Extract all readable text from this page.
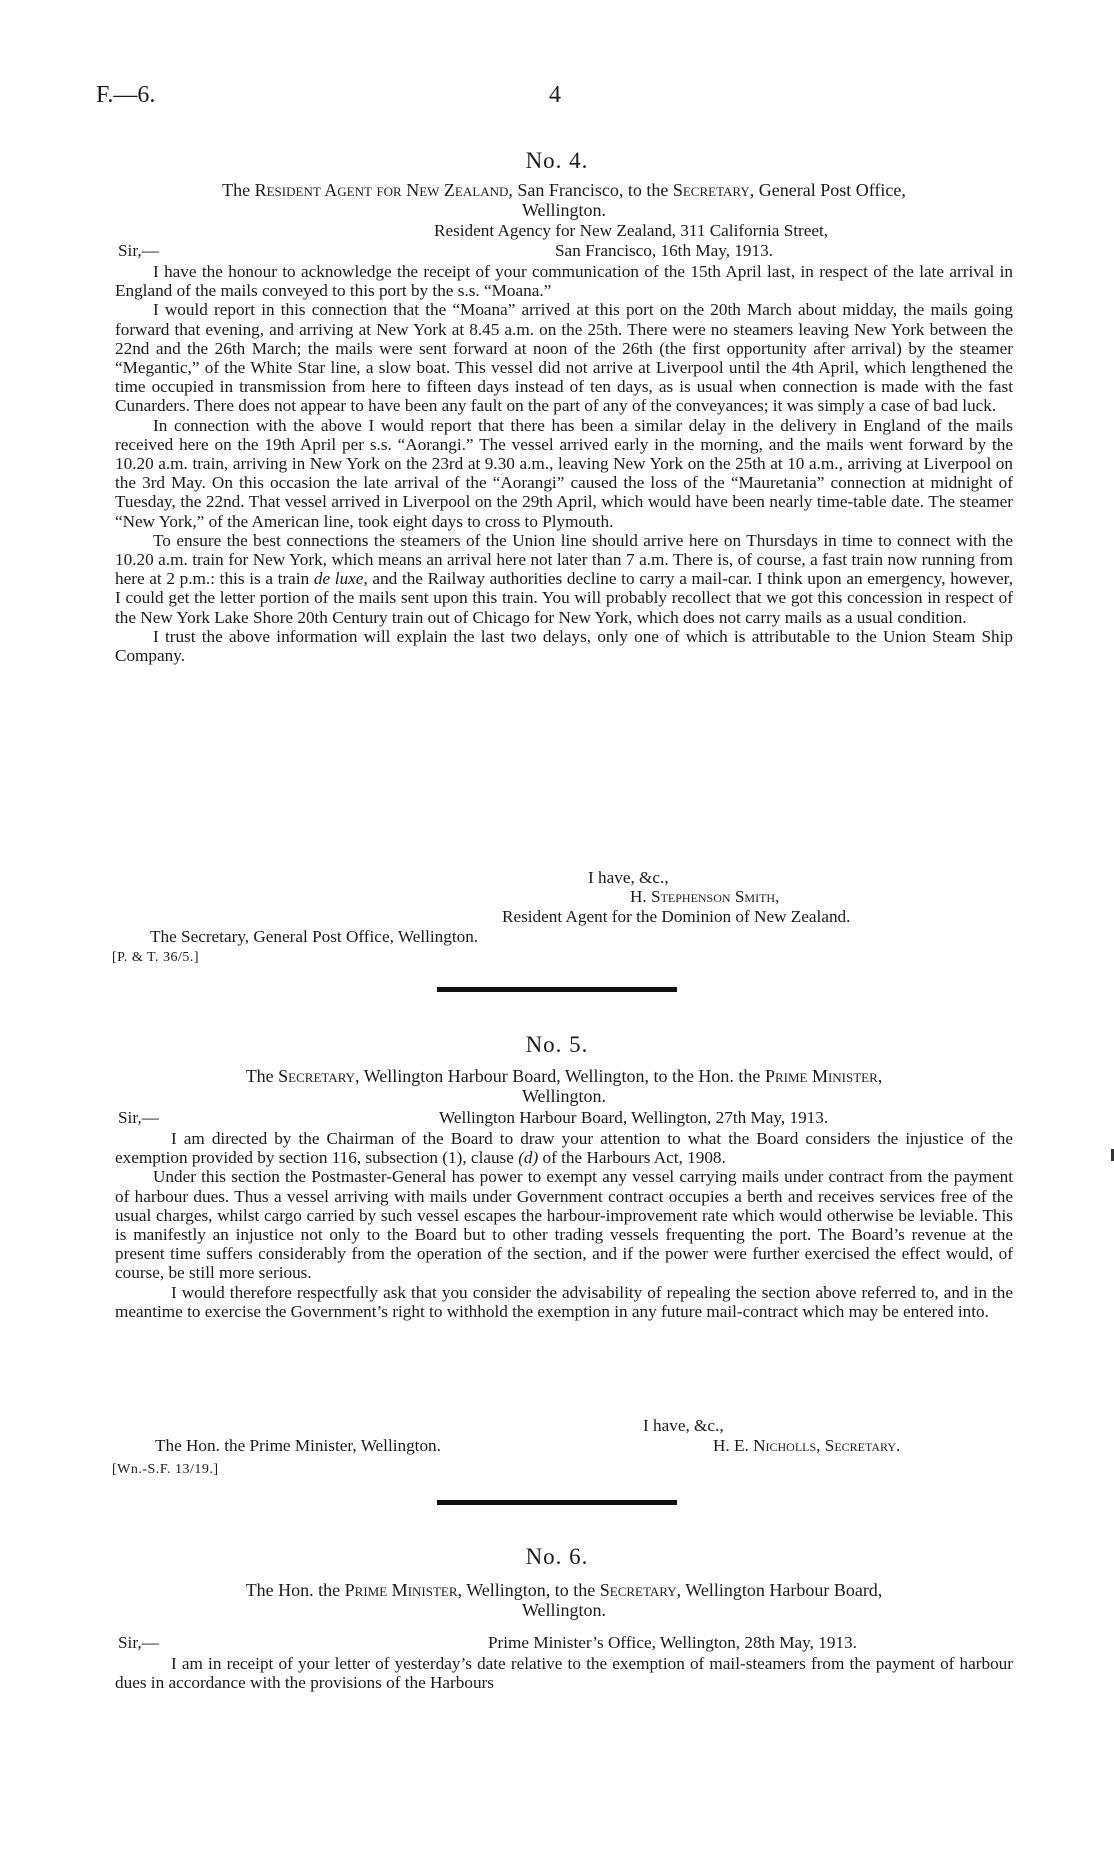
F.—6.	4
No. 4.
The Resident Agent for New Zealand, San Francisco, to the Secretary, General Post Office,
Wellington.
Resident Agency for New Zealand, 311 California Street,
Sir,—	San Francisco, 16th May, 1913.

I have the honour to acknowledge the receipt of your communication of the 15th April last, in respect of the late arrival in England of the mails conveyed to this port by the s.s. “Moana.”

I would report in this connection that the “Moana” arrived at this port on the 20th March about midday, the mails going forward that evening, and arriving at New York at 8.45 a.m. on the 25th. There were no steamers leaving New York between the 22nd and the 26th March; the mails were sent forward at noon of the 26th (the first opportunity after arrival) by the steamer “Megantic,” of the White Star line, a slow boat. This vessel did not arrive at Liverpool until the 4th April, which lengthened the time occupied in transmission from here to fifteen days instead of ten days, as is usual when connection is made with the fast Cunarders. There does not appear to have been any fault on the part of any of the conveyances; it was simply a case of bad luck.

In connection with the above I would report that there has been a similar delay in the delivery in England of the mails received here on the 19th April per s.s. “Aorangi.” The vessel arrived early in the morning, and the mails went forward by the 10.20 a.m. train, arriving in New York on the 23rd at 9.30 a.m., leaving New York on the 25th at 10 a.m., arriving at Liverpool on the 3rd May. On this occasion the late arrival of the “Aorangi” caused the loss of the “Mauretania” connection at midnight of Tuesday, the 22nd. That vessel arrived in Liverpool on the 29th April, which would have been nearly time-table date. The steamer “New York,” of the American line, took eight days to cross to Plymouth.

To ensure the best connections the steamers of the Union line should arrive here on Thursdays in time to connect with the 10.20 a.m. train for New York, which means an arrival here not later than 7 a.m. There is, of course, a fast train now running from here at 2 p.m.: this is a train de luxe, and the Railway authorities decline to carry a mail-car. I think upon an emergency, however, I could get the letter portion of the mails sent upon this train. You will probably recollect that we got this concession in respect of the New York Lake Shore 20th Century train out of Chicago for New York, which does not carry mails as a usual condition.

I trust the above information will explain the last two delays, only one of which is attributable to the Union Steam Ship Company.

I have, &c.,
H. Stephenson Smith,
Resident Agent for the Dominion of New Zealand.
The Secretary, General Post Office, Wellington.
[P. & T. 36/5.]
No. 5.
The Secretary, Wellington Harbour Board, Wellington, to the Hon. the Prime Minister,
Wellington.
Sir,—	Wellington Harbour Board, Wellington, 27th May, 1913.

I am directed by the Chairman of the Board to draw your attention to what the Board considers the injustice of the exemption provided by section 116, subsection (1), clause (d) of the Harbours Act, 1908.

Under this section the Postmaster-General has power to exempt any vessel carrying mails under contract from the payment of harbour dues. Thus a vessel arriving with mails under Government contract occupies a berth and receives services free of the usual charges, whilst cargo carried by such vessel escapes the harbour-improvement rate which would otherwise be leviable. This is manifestly an injustice not only to the Board but to other trading vessels frequenting the port. The Board’s revenue at the present time suffers considerably from the operation of the section, and if the power were further exercised the effect would, of course, be still more serious.

I would therefore respectfully ask that you consider the advisability of repealing the section above referred to, and in the meantime to exercise the Government’s right to withhold the exemption in any future mail-contract which may be entered into.

I have, &c.,
The Hon. the Prime Minister, Wellington.	H. E. Nicholls, Secretary.
[Wn.-S.F. 13/19.]
No. 6.
The Hon. the Prime Minister, Wellington, to the Secretary, Wellington Harbour Board,
Wellington.
Sir,—	Prime Minister’s Office, Wellington, 28th May, 1913.

I am in receipt of your letter of yesterday’s date relative to the exemption of mail-steamers from the payment of harbour dues in accordance with the provisions of the Harbours
